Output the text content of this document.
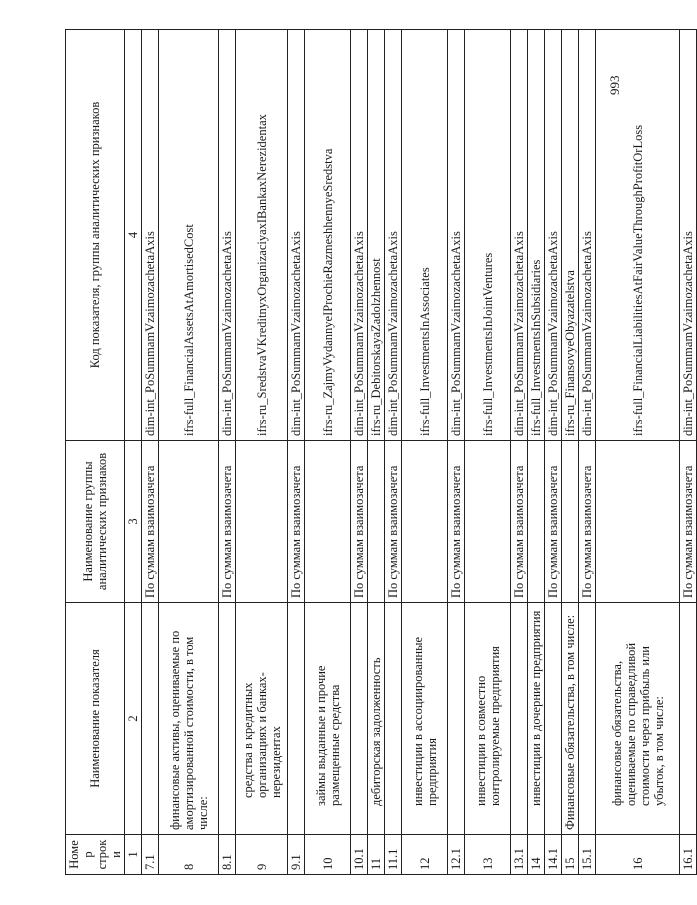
993
Номер строки	Наименование показателя	Наименование группы аналитических признаков	Код показателя, группы аналитических признаков
1	2	3	4
7.1		По суммам взаимозачета	dim-int_PoSummamVzaimozachetaAxis
8	финансовые активы, оцениваемые по амортизированной стоимости, в том числе:		ifrs-full_FinancialAssetsAtAmortisedCost
8.1		По суммам взаимозачета	dim-int_PoSummamVzaimozachetaAxis
9	средства в кредитных организациях и банках-нерезидентах		ifrs-ru_SredstvaVKreditnyxOrganizaciyaxIBankaxNerezidentax
9.1		По суммам взаимозачета	dim-int_PoSummamVzaimozachetaAxis
10	займы выданные и прочие размещенные средства		ifrs-ru_ZajmyVydannyeIProchieRazmeshhennyeSredstva
10.1		По суммам взаимозачета	dim-int_PoSummamVzaimozachetaAxis
11	дебиторская задолженность		ifrs-ru_DebitorskayaZadolzhennost
11.1		По суммам взаимозачета	dim-int_PoSummamVzaimozachetaAxis
12	инвестиции в ассоциированные предприятия		ifrs-full_InvestmentsInAssociates
12.1		По суммам взаимозачета	dim-int_PoSummamVzaimozachetaAxis
13	инвестиции в совместно контролируемые предприятия		ifrs-full_InvestmentsInJointVentures
13.1		По суммам взаимозачета	dim-int_PoSummamVzaimozachetaAxis
14	инвестиции в дочерние предприятия		ifrs-full_InvestmentsInSubsidiaries
14.1		По суммам взаимозачета	dim-int_PoSummamVzaimozachetaAxis
15	Финансовые обязательства, в том числе:		ifrs-ru_FinansovyeObyazatelstva
15.1		По суммам взаимозачета	dim-int_PoSummamVzaimozachetaAxis
16	финансовые обязательства, оцениваемые по справедливой стоимости через прибыль или убыток, в том числе:		ifrs-full_FinancialLiabilitiesAtFairValueThroughProfitOrLoss
16.1		По суммам взаимозачета	dim-int_PoSummamVzaimozachetaAxis
